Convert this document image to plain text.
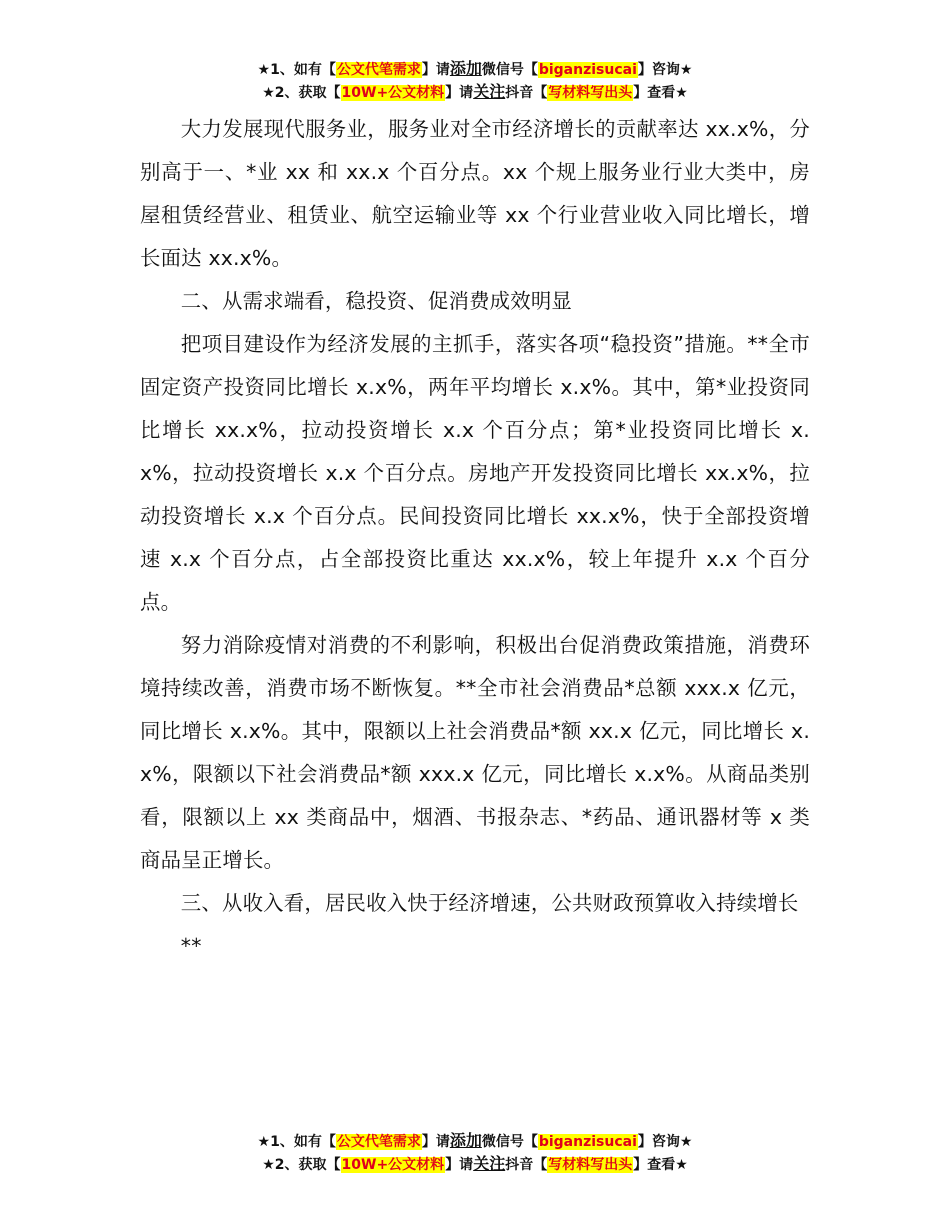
★1、如有【公文代笔需求】请添加微信号【biganzisucai】咨询★
★2、获取【10W+公文材料】请关注抖音【写材料写出头】查看★

大力发展现代服务业，服务业对全市经济增长的贡献率达 xx.x%，分别高于一、*业 xx 和 xx.x 个百分点。xx 个规上服务业行业大类中，房屋租赁经营业、租赁业、航空运输业等 xx 个行业营业收入同比增长，增长面达 xx.x%。

二、从需求端看，稳投资、促消费成效明显

把项目建设作为经济发展的主抓手，落实各项“稳投资”措施。**全市固定资产投资同比增长 x.x%，两年平均增长 x.x%。其中，第*业投资同比增长 xx.x%，拉动投资增长 x.x 个百分点；第*业投资同比增长 x.x%，拉动投资增长 x.x 个百分点。房地产开发投资同比增长 xx.x%，拉动投资增长 x.x 个百分点。民间投资同比增长 xx.x%，快于全部投资增速 x.x 个百分点，占全部投资比重达 xx.x%，较上年提升 x.x 个百分点。

努力消除疫情对消费的不利影响，积极出台促消费政策措施，消费环境持续改善，消费市场不断恢复。**全市社会消费品*总额 xxx.x 亿元，同比增长 x.x%。其中，限额以上社会消费品*额 xx.x 亿元，同比增长 x.x%，限额以下社会消费品*额 xxx.x 亿元，同比增长 x.x%。从商品类别看，限额以上 xx 类商品中，烟酒、书报杂志、*药品、通讯器材等 x 类商品呈正增长。

三、从收入看，居民收入快于经济增速，公共财政预算收入持续增长

**

★1、如有【公文代笔需求】请添加微信号【biganzisucai】咨询★
★2、获取【10W+公文材料】请关注抖音【写材料写出头】查看★
